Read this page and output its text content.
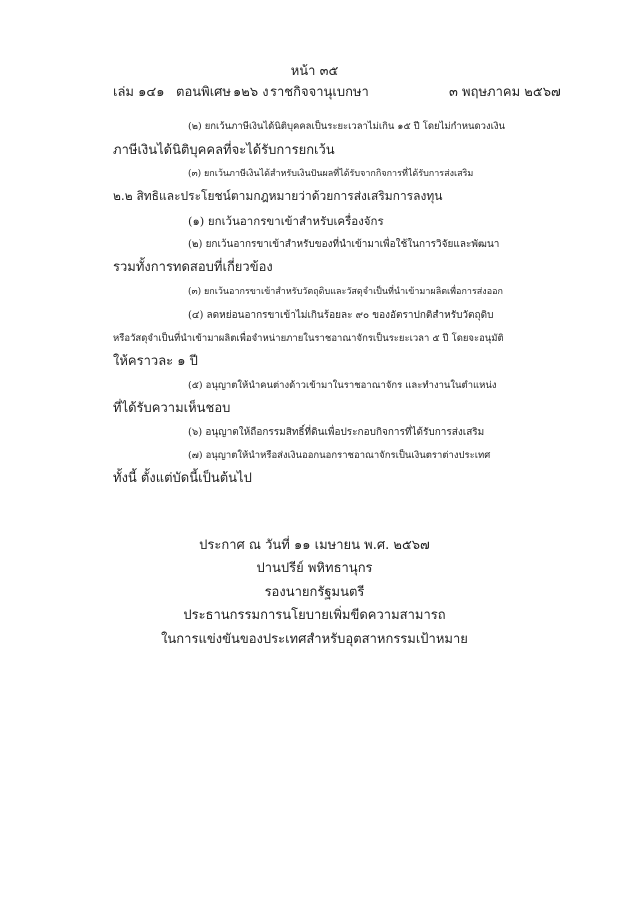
หน้า ๓๕
เล่ม ๑๔๑ ตอนพิเศษ ๑๒๖ ง ราชกิจจานุเบกษา	๓ พฤษภาคม ๒๕๖๗
(๒) ยกเว้นภาษีเงินได้นิติบุคคลเป็นระยะเวลาไม่เกิน ๑๕ ปี โดยไม่กำหนดวงเงิน
ภาษีเงินได้นิติบุคคลที่จะได้รับการยกเว้น
(๓) ยกเว้นภาษีเงินได้สำหรับเงินปันผลที่ได้รับจากกิจการที่ได้รับการส่งเสริม
๒.๒ สิทธิและประโยชน์ตามกฎหมายว่าด้วยการส่งเสริมการลงทุน
(๑) ยกเว้นอากรขาเข้าสำหรับเครื่องจักร
(๒) ยกเว้นอากรขาเข้าสำหรับของที่นำเข้ามาเพื่อใช้ในการวิจัยและพัฒนา
รวมทั้งการทดสอบที่เกี่ยวข้อง
(๓) ยกเว้นอากรขาเข้าสำหรับวัตถุดิบและวัสดุจำเป็นที่นำเข้ามาผลิตเพื่อการส่งออก
(๔) ลดหย่อนอากรขาเข้าไม่เกินร้อยละ ๙๐ ของอัตราปกติสำหรับวัตถุดิบ
หรือวัสดุจำเป็นที่นำเข้ามาผลิตเพื่อจำหน่ายภายในราชอาณาจักรเป็นระยะเวลา ๕ ปี โดยจะอนุมัติ
ให้คราวละ ๑ ปี
(๕) อนุญาตให้นำคนต่างด้าวเข้ามาในราชอาณาจักร และทำงานในตำแหน่ง
ที่ได้รับความเห็นชอบ
(๖) อนุญาตให้ถือกรรมสิทธิ์ที่ดินเพื่อประกอบกิจการที่ได้รับการส่งเสริม
(๗) อนุญาตให้นำหรือส่งเงินออกนอกราชอาณาจักรเป็นเงินตราต่างประเทศ
ทั้งนี้ ตั้งแต่บัดนี้เป็นต้นไป
ประกาศ ณ วันที่ ๑๑ เมษายน พ.ศ. ๒๕๖๗
ปานปรีย์ พหิทธานุกร
รองนายกรัฐมนตรี
ประธานกรรมการนโยบายเพิ่มขีดความสามารถ
ในการแข่งขันของประเทศสำหรับอุตสาหกรรมเป้าหมาย
